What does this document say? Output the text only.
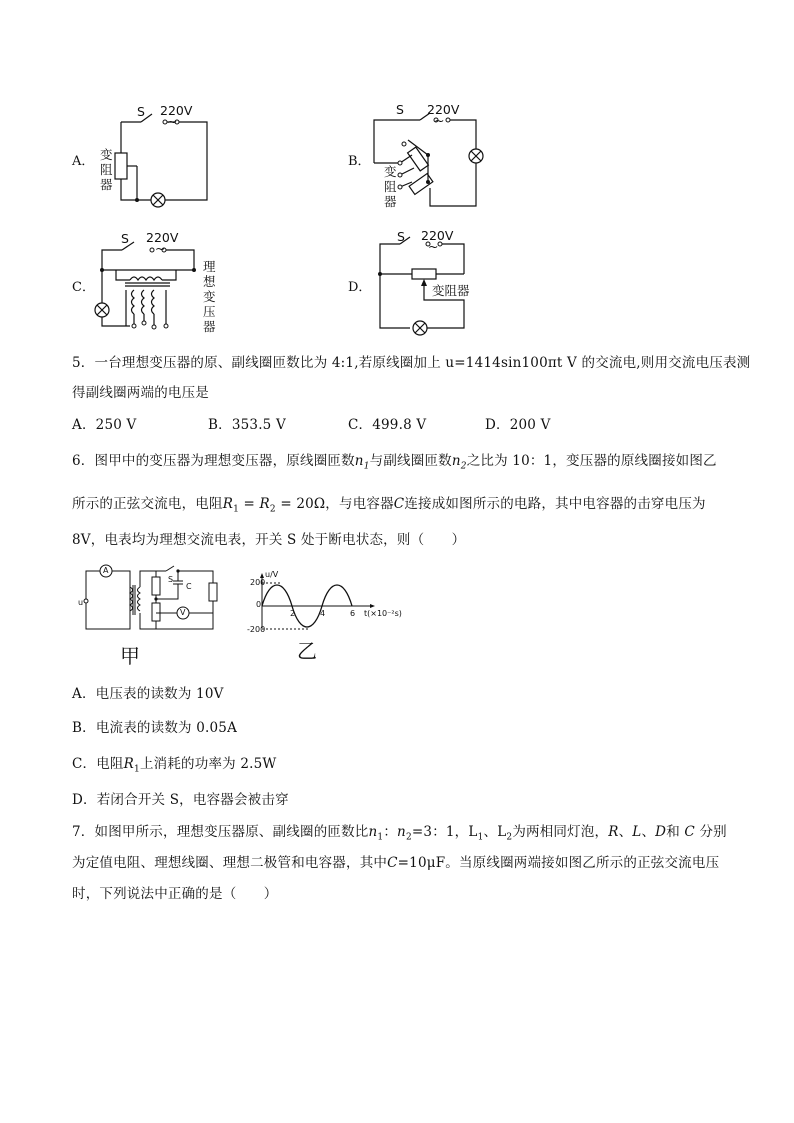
A．
S 220V
~
变阻器
B．
S 220V
~
变阻器
C．
S 220V
~
理想变压器
D．
S 220V
~
变阻器
5．一台理想变压器的原、副线圈匝数比为 4:1,若原线圈加上 u=1414sin100πt V 的交流电,则用交流电压表测
得副线圈两端的电压是
A．250 V	B．353.5 V	C．499.8 V	D．200 V
6．图甲中的变压器为理想变压器，原线圈匝数$n_1$与副线圈匝数$n_2$之比为 10：1，变压器的原线圈接如图乙
所示的正弦交流电，电阻$R_1 = R_2 = 20\Omega$，与电容器C连接成如图所示的电路，其中电容器的击穿电压为
8V，电表均为理想交流电表，开关 S 处于断电状态，则（　　）
A
V
S
C
u
甲
u/V
200
-200
0
2	4	6 t(×10⁻²s)
乙
A．电压表的读数为 10V
B．电流表的读数为 0.05A
C．电阻$R_1$上消耗的功率为 2.5W
D．若闭合开关 S，电容器会被击穿
7．如图甲所示，理想变压器原、副线圈的匝数比$n_1$：$n_2=3$：1，$L_1$、$L_2$为两相同灯泡，R、L、D和 C 分别
为定值电阻、理想线圈、理想二极管和电容器，其中C=10μF。当原线圈两端接如图乙所示的正弦交流电压
时，下列说法中正确的是（　　）
